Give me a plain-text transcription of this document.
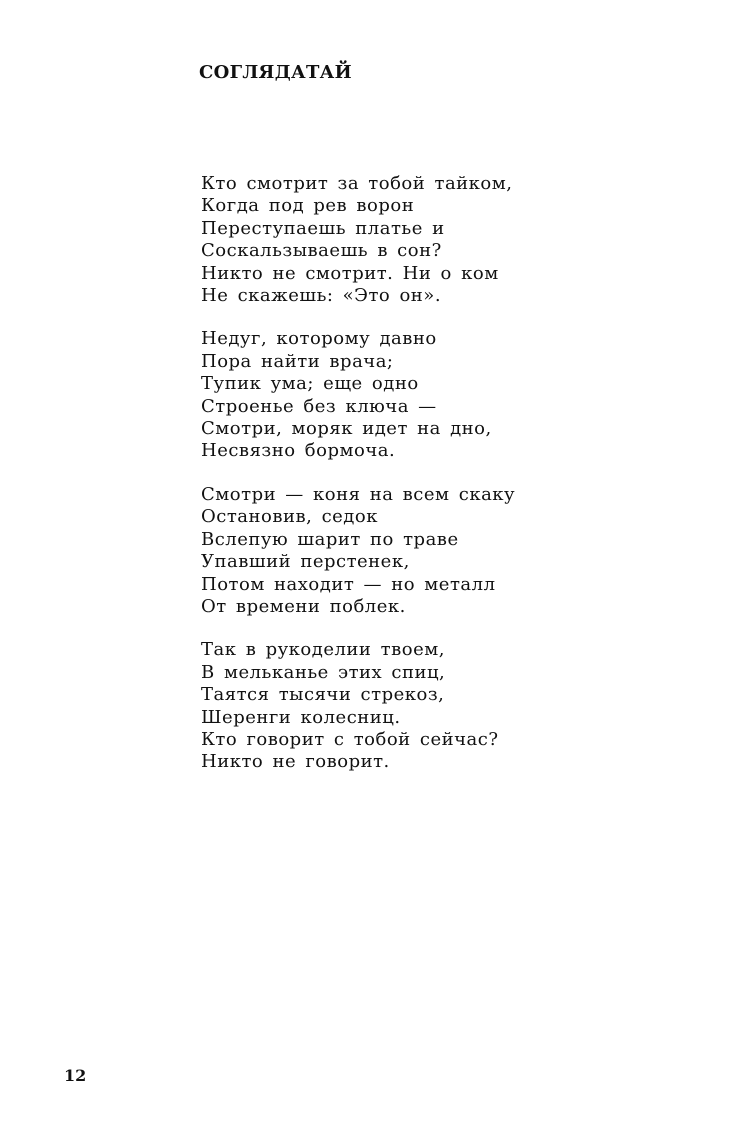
СОГЛЯДАТАЙ
Кто смотрит за тобой тайком,
Когда под рев ворон
Переступаешь платье и
Соскальзываешь в сон?
Никто не смотрит. Ни о ком
Не скажешь: «Это он».
Недуг, которому давно
Пора найти врача;
Тупик ума; еще одно
Строенье без ключа —
Смотри, моряк идет на дно,
Несвязно бормоча.
Смотри — коня на всем скаку
Остановив, седок
Вслепую шарит по траве
Упавший перстенек,
Потом находит — но металл
От времени поблек.
Так в рукоделии твоем,
В мельканье этих спиц,
Таятся тысячи стрекоз,
Шеренги колесниц.
Кто говорит с тобой сейчас?
Никто не говорит.
12
